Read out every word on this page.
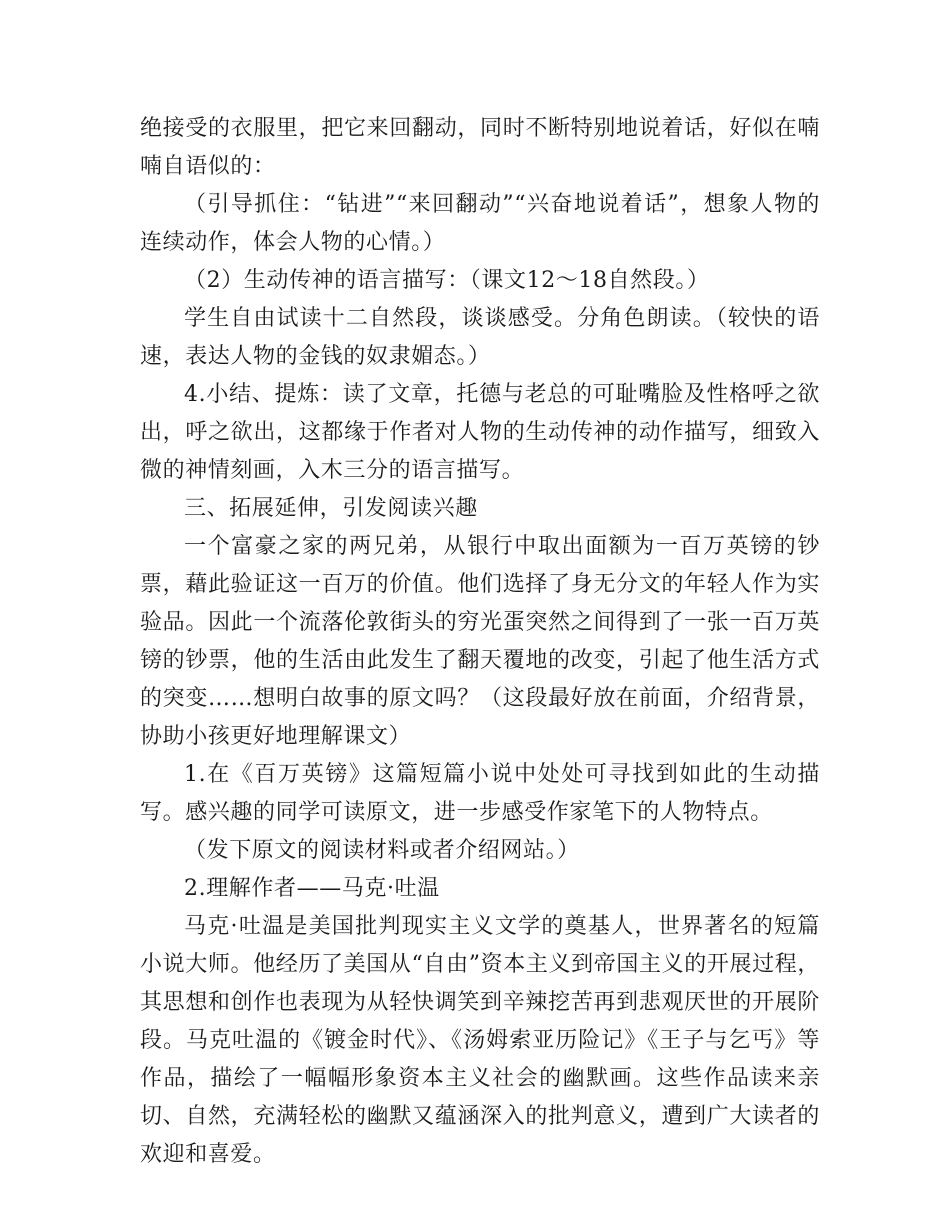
绝接受的衣服里，把它来回翻动，同时不断特别地说着话，好似在喃喃自语似的：

（引导抓住：“钻进”“来回翻动”“兴奋地说着话”，想象人物的连续动作，体会人物的心情。）

（2）生动传神的语言描写：（课文12～18自然段。）

学生自由试读十二自然段，谈谈感受。分角色朗读。（较快的语速，表达人物的金钱的奴隶媚态。）

4.小结、提炼：读了文章，托德与老总的可耻嘴脸及性格呼之欲出，呼之欲出，这都缘于作者对人物的生动传神的动作描写，细致入微的神情刻画，入木三分的语言描写。

三、拓展延伸，引发阅读兴趣

一个富豪之家的两兄弟，从银行中取出面额为一百万英镑的钞票，藉此验证这一百万的价值。他们选择了身无分文的年轻人作为实验品。因此一个流落伦敦街头的穷光蛋突然之间得到了一张一百万英镑的钞票，他的生活由此发生了翻天覆地的改变，引起了他生活方式的突变……想明白故事的原文吗？（这段最好放在前面，介绍背景，协助小孩更好地理解课文）

1.在《百万英镑》这篇短篇小说中处处可寻找到如此的生动描写。感兴趣的同学可读原文，进一步感受作家笔下的人物特点。

（发下原文的阅读材料或者介绍网站。）

2.理解作者——马克·吐温

马克·吐温是美国批判现实主义文学的奠基人，世界著名的短篇小说大师。他经历了美国从“自由”资本主义到帝国主义的开展过程，其思想和创作也表现为从轻快调笑到辛辣挖苦再到悲观厌世的开展阶段。马克吐温的《镀金时代》、《汤姆索亚历险记》《王子与乞丐》等作品，描绘了一幅幅形象资本主义社会的幽默画。这些作品读来亲切、自然，充满轻松的幽默又蕴涵深入的批判意义，遭到广大读者的欢迎和喜爱。
